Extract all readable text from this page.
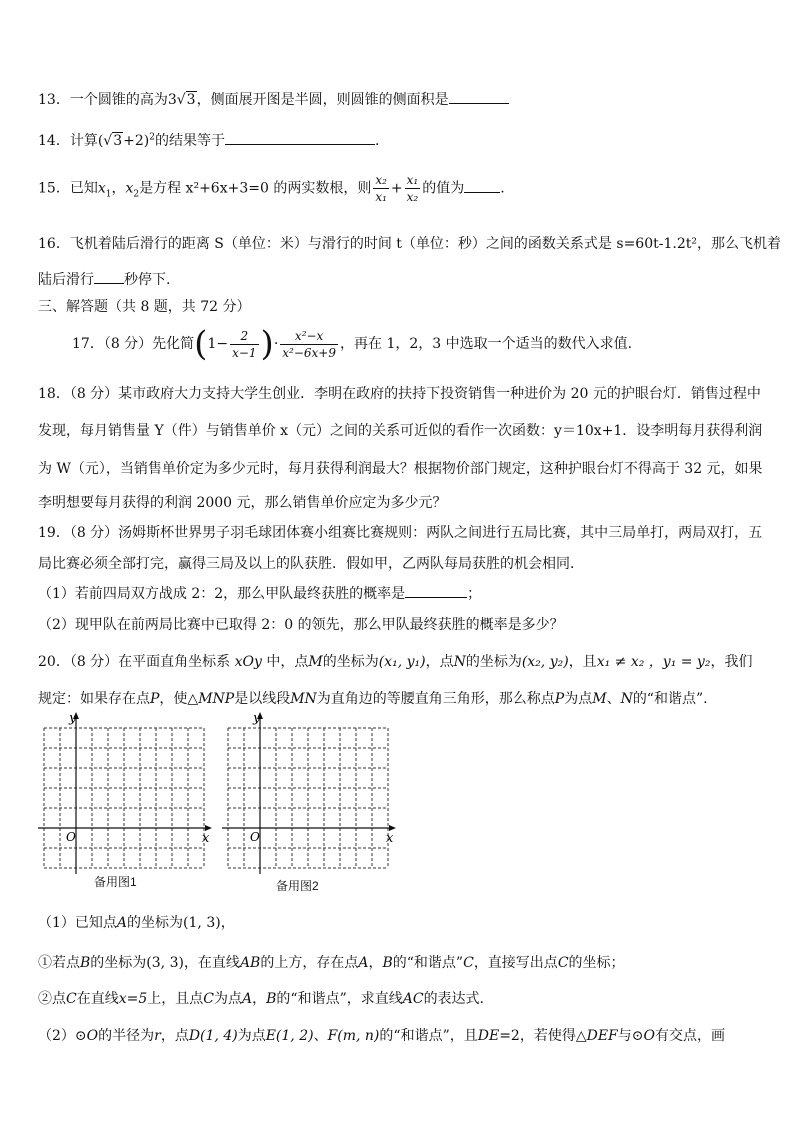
13．一个圆锥的高为3√3，侧面展开图是半圆，则圆锥的侧面积是
14．计算$(√3+2)^2$的结果等于	.
15．已知$x_1$，$x_2$是方程 x²+6x+3=0 的两实数根，则 $\frac{\text{x₂}}{\text{x₁}} + \frac{\text{x₁}}{\text{x₂}}$ 的值为	.
16．飞机着陆后滑行的距离 S（单位：米）与滑行的时间 t（单位：秒）之间的函数关系式是 s=60t-1.2t²，那么飞机着
陆后滑行 秒停下.
三、解答题（共 8 题，共 72 分）
17．（8 分）先化简($1- \frac{2}{x-1}$ )· $\frac{\text{x²−x}}{\text{x²−6x+9}}$ ，再在 1，2，3 中选取一个适当的数代入求值.
18．（8 分）某市政府大力支持大学生创业．李明在政府的扶持下投资销售一种进价为 20 元的护眼台灯．销售过程中
发现，每月销售量 Y（件）与销售单价 x（元）之间的关系可近似的看作一次函数：y＝10x+1．设李明每月获得利润
为 W（元），当销售单价定为多少元时，每月获得利润最大？根据物价部门规定，这种护眼台灯不得高于 32 元，如果
李明想要每月获得的利润 2000 元，那么销售单价应定为多少元？
19．（8 分）汤姆斯杯世界男子羽毛球团体赛小组赛比赛规则：两队之间进行五局比赛，其中三局单打，两局双打，五
局比赛必须全部打完，赢得三局及以上的队获胜．假如甲，乙两队每局获胜的机会相同．
（1）若前四局双方战成 2：2，那么甲队最终获胜的概率是	；
（2）现甲队在前两局比赛中已取得 2：0 的领先，那么甲队最终获胜的概率是多少？
20．（8 分）在平面直角坐标系 xOy 中，点M的坐标为(x₁, y₁)，点N的坐标为(x₂, y₂)，且x₁ ≠ x₂ ，y₁ = y₂，我们
规定：如果存在点P，使△MNP是以线段MN为直角边的等腰直角三角形，那么称点P为点M、N的“和谐点”.
y
x
O
备用图1
y
x
O
备用图2
（1）已知点A的坐标为(1, 3)，
①若点B的坐标为(3, 3)，在直线AB的上方，存在点A，B的“和谐点”C，直接写出点C的坐标；
②点C在直线x=5上，且点C为点A，B的“和谐点”，求直线AC的表达式.
（2）⊙O的半径为r，点D(1, 4)为点E(1, 2)、F(m, n)的“和谐点”，且DE=2，若使得△DEF与⊙O有交点，画
